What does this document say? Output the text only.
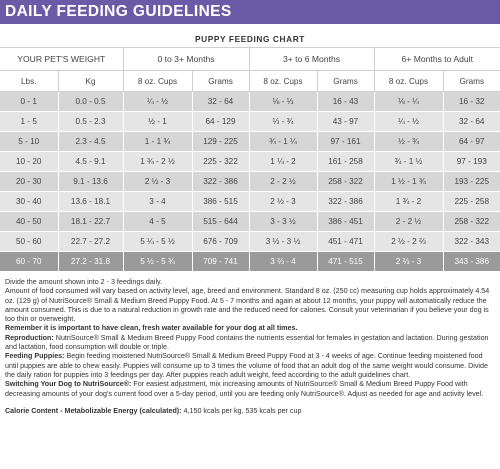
DAILY FEEDING GUIDELINES
PUPPY FEEDING CHART
YOUR PET'S WEIGHT		0 to 3+ Months		3+ to 6 Months		6+ Months to Adult	
Lbs.	Kg	8 oz. Cups	Grams	8 oz. Cups	Grams	8 oz. Cups	Grams
0 - 1	0.0 - 0.5	¼ - ½	32 - 64	⅛ - ⅓	16 - 43	⅛ - ¼	16 - 32
1 - 5	0.5 - 2.3	½ - 1	64 - 129	⅓ - ¾	43 - 97	¼ - ½	32 - 64
5 - 10	2.3 - 4.5	1 - 1 ¾	129 - 225	¾ - 1 ¼	97 - 161	½ - ¾	64 - 97
10 - 20	4.5 - 9.1	1 ¾ - 2 ½	225 - 322	1 ¼ - 2	161 - 258	¾ - 1 ½	97 - 193
20 - 30	9.1 - 13.6	2 ½ - 3	322 - 386	2 - 2 ½	258 - 322	1 ½ - 1 ¾	193 - 225
30 - 40	13.6 - 18.1	3 - 4	386 - 515	2 ½ - 3	322 - 386	1 ¾ - 2	225 - 258
40 - 50	18.1 - 22.7	4 - 5	515 - 644	3 - 3 ½	386 - 451	2 - 2 ½	258 - 322
50 - 60	22.7 - 27.2	5 ¼ - 5 ½	676 - 709	3 ½ - 3 ½	451 - 471	2 ½ - 2 ⅔	322 - 343
60 - 70	27.2 - 31.8	5 ½ - 5 ¾	709 - 741	3 ⅔ - 4	471 - 515	2 ⅔ - 3	343 - 386

Divide the amount shown into 2 - 3 feedings daily.

Amount of food consumed will vary based on activity level, age, breed and environment. Standard 8 oz. (250 cc) measuring cup holds approximately 4.54 oz. (129 g) of NutriSource® Small & Medium Breed Puppy Food. At 5 - 7 months and again at about 12 months, your puppy will automatically reduce the amount consumed. This is due to a natural reduction in growth rate and the reduced need for calories. Consult your veterinarian if you believe your dog is too thin or overweight.

Remember it is important to have clean, fresh water available for your dog at all times.

Reproduction: NutriSource® Small & Medium Breed Puppy Food contains the nutrients essential for females in gestation and lactation. During gestation and lactation, food consumption will double or triple.

Feeding Puppies: Begin feeding moistened NutriSource® Small & Medium Breed Puppy Food at 3 - 4 weeks of age. Continue feeding moistened food until puppies are able to chew easily. Puppies will consume up to 3 times the volume of food that an adult dog of the same weight would consume. Divide the daily ration for puppies into 3 feedings per day. After puppies reach adult weight, feed according to the adult guidelines chart.

Switching Your Dog to NutriSource®: For easiest adjustment, mix increasing amounts of NutriSource® Small & Medium Breed Puppy Food with decreasing amounts of your dog's current food over a 5-day period, until you are feeding only NutriSource®. Adjust as needed for age and activity level.

Calorie Content - Metabolizable Energy (calculated): 4,150 kcals per kg, 535 kcals per cup
